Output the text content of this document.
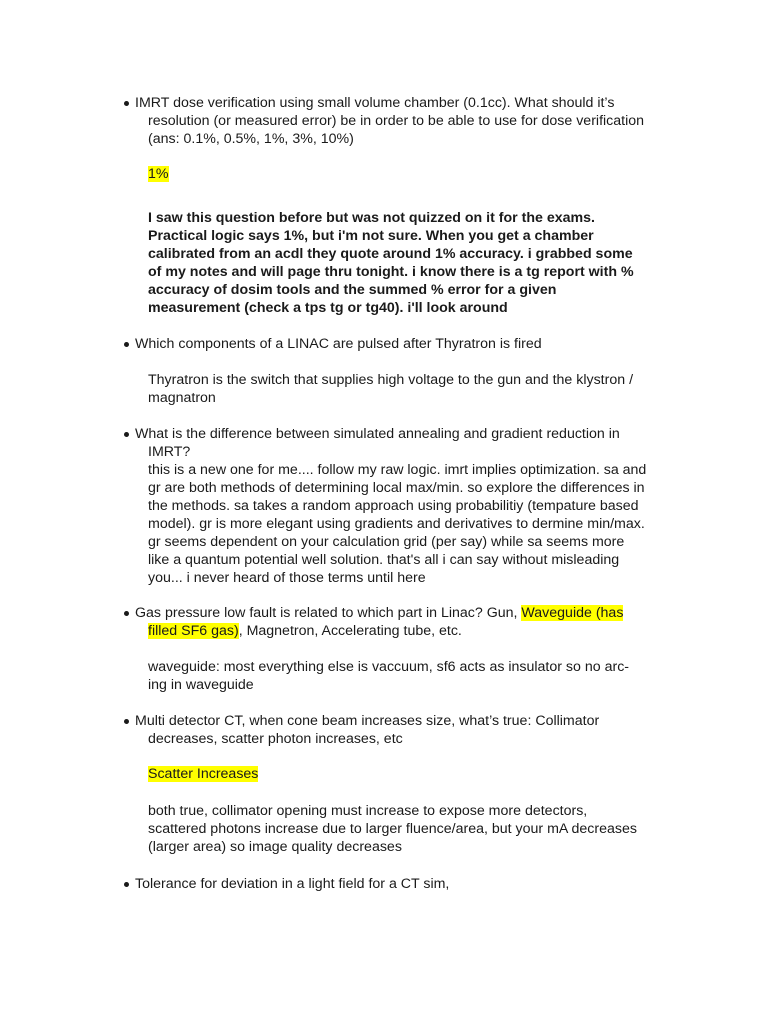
IMRT dose verification using small volume chamber (0.1cc). What should it’s
resolution (or measured error) be in order to be able to use for dose verification
(ans: 0.1%, 0.5%, 1%, 3%, 10%)
1%
I saw this question before but was not quizzed on it for the exams.
Practical logic says 1%, but i'm not sure. When you get a chamber
calibrated from an acdl they quote around 1% accuracy. i grabbed some
of my notes and will page thru tonight. i know there is a tg report with %
accuracy of dosim tools and the summed % error for a given
measurement (check a tps tg or tg40). i'll look around
Which components of a LINAC are pulsed after Thyratron is fired
Thyratron is the switch that supplies high voltage to the gun and the klystron /
magnatron
What is the difference between simulated annealing and gradient reduction in
IMRT?
this is a new one for me.... follow my raw logic. imrt implies optimization. sa and
gr are both methods of determining local max/min. so explore the differences in
the methods. sa takes a random approach using probabilitiy (tempature based
model). gr is more elegant using gradients and derivatives to dermine min/max.
gr seems dependent on your calculation grid (per say) while sa seems more
like a quantum potential well solution. that's all i can say without misleading
you... i never heard of those terms until here
Gas pressure low fault is related to which part in Linac? Gun, Waveguide (has
filled SF6 gas), Magnetron, Accelerating tube, etc.
waveguide: most everything else is vaccuum, sf6 acts as insulator so no arc-
ing in waveguide
Multi detector CT, when cone beam increases size, what’s true: Collimator
decreases, scatter photon increases, etc
Scatter Increases
both true, collimator opening must increase to expose more detectors,
scattered photons increase due to larger fluence/area, but your mA decreases
(larger area) so image quality decreases
Tolerance for deviation in a light field for a CT sim,
